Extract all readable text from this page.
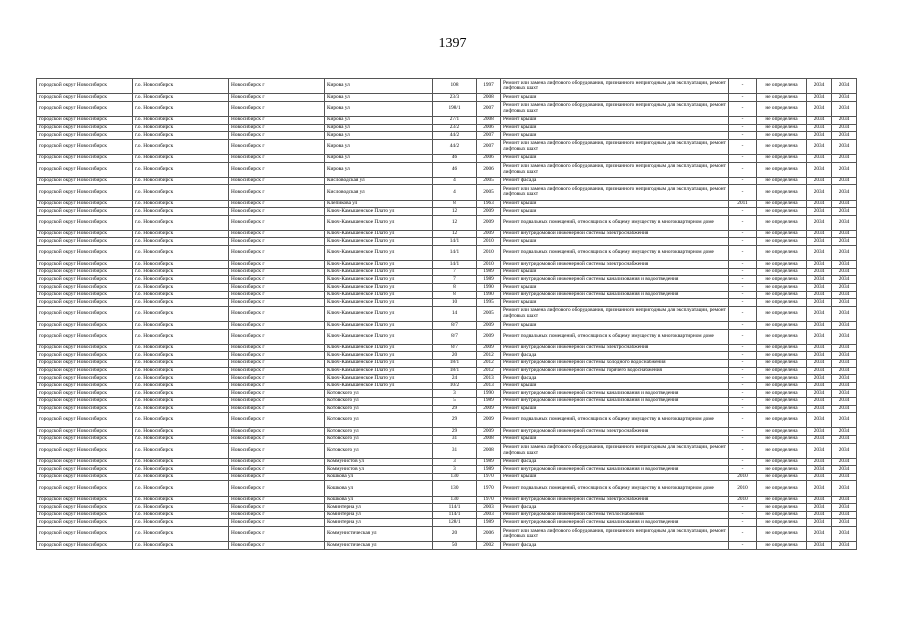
1397
городской округ Новосибирск	г.о. Новосибирск	Новосибирск г	Кирова ул	108	1997	Ремонт или замена лифтового оборудования, признанного непригодным для эксплуатации, ремонт лифтовых шахт	-	не определена	2034	2034
городской округ Новосибирск	г.о. Новосибирск	Новосибирск г	Кирова ул	23/3	2008	Ремонт крыши	-	не определена	2034	2034
городской округ Новосибирск	г.о. Новосибирск	Новосибирск г	Кирова ул	198/1	2007	Ремонт или замена лифтового оборудования, признанного непригодным для эксплуатации, ремонт лифтовых шахт	-	не определена	2034	2034
городской округ Новосибирск	г.о. Новосибирск	Новосибирск г	Кирова ул	27/1	2008	Ремонт крыши	-	не определена	2034	2034
городской округ Новосибирск	г.о. Новосибирск	Новосибирск г	Кирова ул	23/2	2006	Ремонт крыши	-	не определена	2034	2034
городской округ Новосибирск	г.о. Новосибирск	Новосибирск г	Кирова ул	44/2	2007	Ремонт крыши	-	не определена	2034	2034
городской округ Новосибирск	г.о. Новосибирск	Новосибирск г	Кирова ул	44/2	2007	Ремонт или замена лифтового оборудования, признанного непригодным для эксплуатации, ремонт лифтовых шахт	-	не определена	2034	2034
городской округ Новосибирск	г.о. Новосибирск	Новосибирск г	Кирова ул	46	2006	Ремонт крыши	-	не определена	2034	2034
городской округ Новосибирск	г.о. Новосибирск	Новосибирск г	Кирова ул	46	2006	Ремонт или замена лифтового оборудования, признанного непригодным для эксплуатации, ремонт лифтовых шахт	-	не определена	2034	2034
городской округ Новосибирск	г.о. Новосибирск	Новосибирск г	Кисловодская ул	4	2005	Ремонт фасада	-	не определена	2034	2034
городской округ Новосибирск	г.о. Новосибирск	Новосибирск г	Кисловодская ул	4	2005	Ремонт или замена лифтового оборудования, признанного непригодным для эксплуатации, ремонт лифтовых шахт	-	не определена	2034	2034
городской округ Новосибирск	г.о. Новосибирск	Новосибирск г	Клепикова ул	8	1963	Ремонт крыши	2011	не определена	2034	2034
городской округ Новосибирск	г.о. Новосибирск	Новосибирск г	Ключ-Камышенское Плато ул	12	2009	Ремонт крыши	-	не определена	2034	2034
городской округ Новосибирск	г.о. Новосибирск	Новосибирск г	Ключ-Камышенское Плато ул	12	2009	Ремонт подвальных помещений, относящихся к общему имуществу в многоквартирном доме	-	не определена	2034	2034
городской округ Новосибирск	г.о. Новосибирск	Новосибирск г	Ключ-Камышенское Плато ул	12	2009	Ремонт внутридомовой инженерной системы электроснабжения	-	не определена	2034	2034
городской округ Новосибирск	г.о. Новосибирск	Новосибирск г	Ключ-Камышенское Плато ул	14/1	2010	Ремонт крыши	-	не определена	2034	2034
городской округ Новосибирск	г.о. Новосибирск	Новосибирск г	Ключ-Камышенское Плато ул	14/1	2010	Ремонт подвальных помещений, относящихся к общему имуществу в многоквартирном доме	-	не определена	2034	2034
городской округ Новосибирск	г.о. Новосибирск	Новосибирск г	Ключ-Камышенское Плато ул	14/1	2010	Ремонт внутридомовой инженерной системы электроснабжения	-	не определена	2034	2034
городской округ Новосибирск	г.о. Новосибирск	Новосибирск г	Ключ-Камышенское Плато ул	7	1989	Ремонт крыши	-	не определена	2034	2034
городской округ Новосибирск	г.о. Новосибирск	Новосибирск г	Ключ-Камышенское Плато ул	7	1989	Ремонт внутридомовой инженерной системы канализования и водоотведения	-	не определена	2034	2034
городской округ Новосибирск	г.о. Новосибирск	Новосибирск г	Ключ-Камышенское Плато ул	8	1990	Ремонт крыши	-	не определена	2034	2034
городской округ Новосибирск	г.о. Новосибирск	Новосибирск г	Ключ-Камышенское Плато ул	8	1990	Ремонт внутридомовой инженерной системы канализования и водоотведения	-	не определена	2034	2034
городской округ Новосибирск	г.о. Новосибирск	Новосибирск г	Ключ-Камышенское Плато ул	10	1995	Ремонт крыши	-	не определена	2034	2034
городской округ Новосибирск	г.о. Новосибирск	Новосибирск г	Ключ-Камышенское Плато ул	14	2005	Ремонт или замена лифтового оборудования, признанного непригодным для эксплуатации, ремонт лифтовых шахт	-	не определена	2034	2034
городской округ Новосибирск	г.о. Новосибирск	Новосибирск г	Ключ-Камышенское Плато ул	8/7	2009	Ремонт крыши	-	не определена	2034	2034
городской округ Новосибирск	г.о. Новосибирск	Новосибирск г	Ключ-Камышенское Плато ул	8/7	2009	Ремонт подвальных помещений, относящихся к общему имуществу в многоквартирном доме	-	не определена	2034	2034
городской округ Новосибирск	г.о. Новосибирск	Новосибирск г	Ключ-Камышенское Плато ул	8/7	2009	Ремонт внутридомовой инженерной системы электроснабжения	-	не определена	2034	2034
городской округ Новосибирск	г.о. Новосибирск	Новосибирск г	Ключ-Камышенское Плато ул	20	2012	Ремонт фасада	-	не определена	2034	2034
городской округ Новосибирск	г.о. Новосибирск	Новосибирск г	Ключ-Камышенское Плато ул	18/1	2012	Ремонт внутридомовой инженерной системы холодного водоснабжения	-	не определена	2034	2034
городской округ Новосибирск	г.о. Новосибирск	Новосибирск г	Ключ-Камышенское Плато ул	18/1	2012	Ремонт внутридомовой инженерной системы горячего водоснабжения	-	не определена	2034	2034
городской округ Новосибирск	г.о. Новосибирск	Новосибирск г	Ключ-Камышенское Плато ул	24	2013	Ремонт фасада	-	не определена	2034	2034
городской округ Новосибирск	г.о. Новосибирск	Новосибирск г	Ключ-Камышенское Плато ул	10/2	2013	Ремонт крыши	-	не определена	2034	2034
городской округ Новосибирск	г.о. Новосибирск	Новосибирск г	Котовского ул	3	1990	Ремонт внутридомовой инженерной системы канализования и водоотведения	-	не определена	2034	2034
городской округ Новосибирск	г.о. Новосибирск	Новосибирск г	Котовского ул	5	1989	Ремонт внутридомовой инженерной системы канализования и водоотведения	-	не определена	2034	2034
городской округ Новосибирск	г.о. Новосибирск	Новосибирск г	Котовского ул	29	2009	Ремонт крыши	-	не определена	2034	2034
городской округ Новосибирск	г.о. Новосибирск	Новосибирск г	Котовского ул	29	2009	Ремонт подвальных помещений, относящихся к общему имуществу в многоквартирном доме	-	не определена	2034	2034
городской округ Новосибирск	г.о. Новосибирск	Новосибирск г	Котовского ул	29	2009	Ремонт внутридомовой инженерной системы электроснабжения	-	не определена	2034	2034
городской округ Новосибирск	г.о. Новосибирск	Новосибирск г	Котовского ул	31	2008	Ремонт крыши	-	не определена	2034	2034
городской округ Новосибирск	г.о. Новосибирск	Новосибирск г	Котовского ул	31	2008	Ремонт или замена лифтового оборудования, признанного непригодным для эксплуатации, ремонт лифтовых шахт	-	не определена	2034	2034
городской округ Новосибирск	г.о. Новосибирск	Новосибирск г	Коммунистов ул	3	1989	Ремонт фасада	-	не определена	2034	2034
городской округ Новосибирск	г.о. Новосибирск	Новосибирск г	Коммунистов ул	3	1989	Ремонт внутридомовой инженерной системы канализования и водоотведения	-	не определена	2034	2034
городской округ Новосибирск	г.о. Новосибирск	Новосибирск г	Кошкова ул	130	1970	Ремонт крыши	2010	не определена	2034	2034
городской округ Новосибирск	г.о. Новосибирск	Новосибирск г	Кошкова ул	130	1970	Ремонт подвальных помещений, относящихся к общему имуществу в многоквартирном доме	2010	не определена	2034	2034
городской округ Новосибирск	г.о. Новосибирск	Новосибирск г	Кошкова ул	130	1970	Ремонт внутридомовой инженерной системы электроснабжения	2010	не определена	2034	2034
городской округ Новосибирск	г.о. Новосибирск	Новосибирск г	Коминтерна ул	114/1	2003	Ремонт фасада	-	не определена	2034	2034
городской округ Новосибирск	г.о. Новосибирск	Новосибирск г	Коминтерна ул	114/1	2003	Ремонт внутридомовой инженерной системы теплоснабжения	-	не определена	2034	2034
городской округ Новосибирск	г.о. Новосибирск	Новосибирск г	Коминтерна ул	128/1	1989	Ремонт внутридомовой инженерной системы канализования и водоотведения	-	не определена	2034	2034
городской округ Новосибирск	г.о. Новосибирск	Новосибирск г	Коммунистическая ул	20	2006	Ремонт или замена лифтового оборудования, признанного непригодным для эксплуатации, ремонт лифтовых шахт	-	не определена	2034	2034
городской округ Новосибирск	г.о. Новосибирск	Новосибирск г	Коммунистическая ул	50	2002	Ремонт фасада	-	не определена	2034	2034
